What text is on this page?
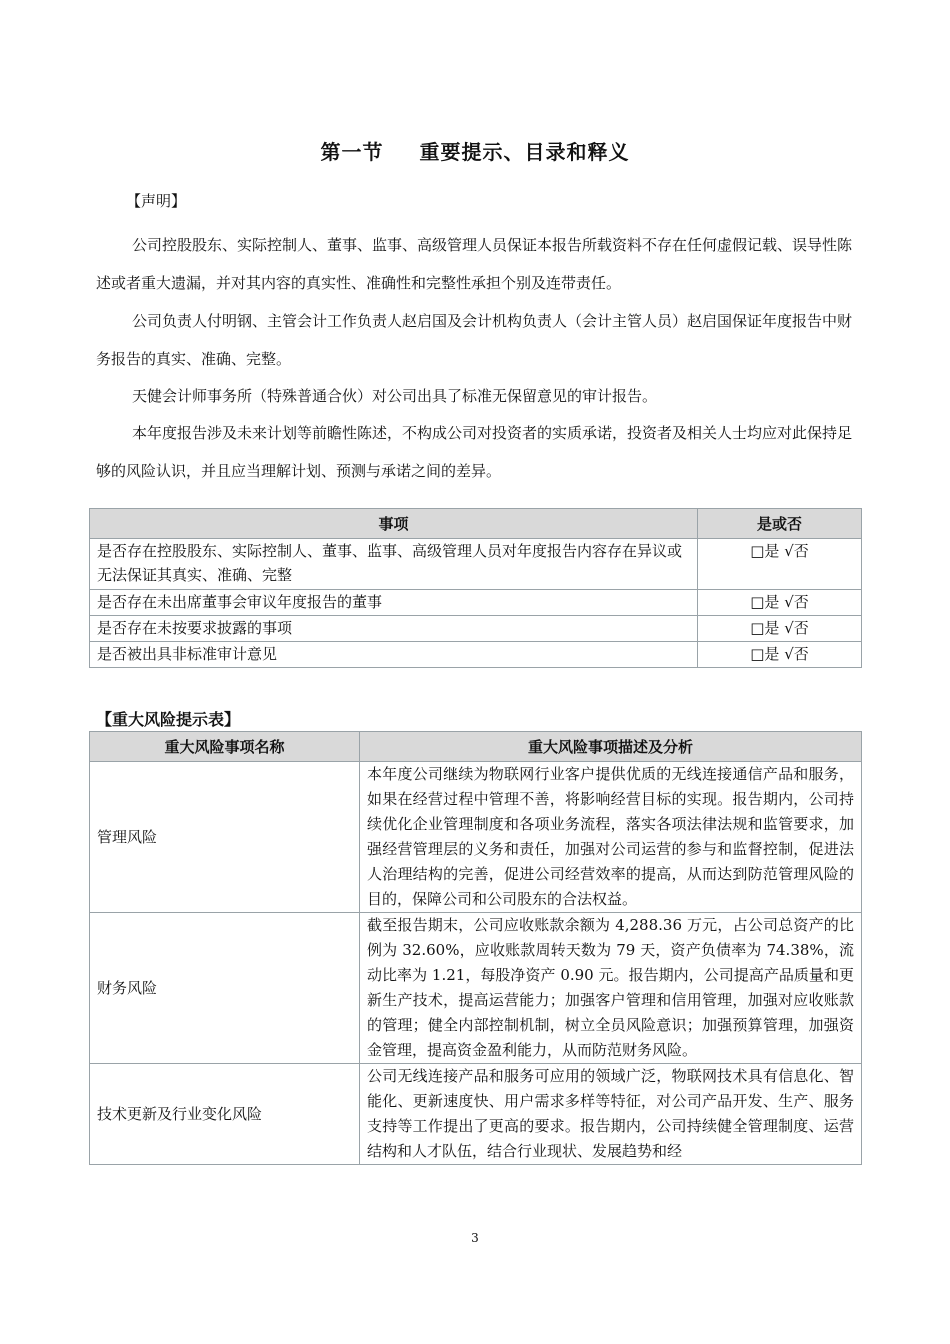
第一节 重要提示、目录和释义
【声明】

公司控股股东、实际控制人、董事、监事、高级管理人员保证本报告所载资料不存在任何虚假记载、误导性陈述或者重大遗漏，并对其内容的真实性、准确性和完整性承担个别及连带责任。

公司负责人付明钢、主管会计工作负责人赵启国及会计机构负责人（会计主管人员）赵启国保证年度报告中财务报告的真实、准确、完整。

天健会计师事务所（特殊普通合伙）对公司出具了标准无保留意见的审计报告。

本年度报告涉及未来计划等前瞻性陈述，不构成公司对投资者的实质承诺，投资者及相关人士均应对此保持足够的风险认识，并且应当理解计划、预测与承诺之间的差异。

事项	是或否
是否存在控股股东、实际控制人、董事、监事、高级管理人员对年度报告内容存在异议或无法保证其真实、准确、完整	□是 √否
是否存在未出席董事会审议年度报告的董事	□是 √否
是否存在未按要求披露的事项	□是 √否
是否被出具非标准审计意见	□是 √否
【重大风险提示表】
重大风险事项名称	重大风险事项描述及分析
管理风险	本年度公司继续为物联网行业客户提供优质的无线连接通信产品和服务，如果在经营过程中管理不善，将影响经营目标的实现。报告期内，公司持续优化企业管理制度和各项业务流程，落实各项法律法规和监管要求，加强经营管理层的义务和责任，加强对公司运营的参与和监督控制，促进法人治理结构的完善，促进公司经营效率的提高，从而达到防范管理风险的目的，保障公司和公司股东的合法权益。
财务风险	截至报告期末，公司应收账款余额为 4,288.36 万元，占公司总资产的比例为 32.60%，应收账款周转天数为 79 天，资产负债率为 74.38%，流动比率为 1.21，每股净资产 0.90 元。报告期内，公司提高产品质量和更新生产技术，提高运营能力；加强客户管理和信用管理，加强对应收账款的管理；健全内部控制机制，树立全员风险意识；加强预算管理，加强资金管理，提高资金盈利能力，从而防范财务风险。
技术更新及行业变化风险	公司无线连接产品和服务可应用的领域广泛，物联网技术具有信息化、智能化、更新速度快、用户需求多样等特征，对公司产品开发、生产、服务支持等工作提出了更高的要求。报告期内，公司持续健全管理制度、运营结构和人才队伍，结合行业现状、发展趋势和经
3
